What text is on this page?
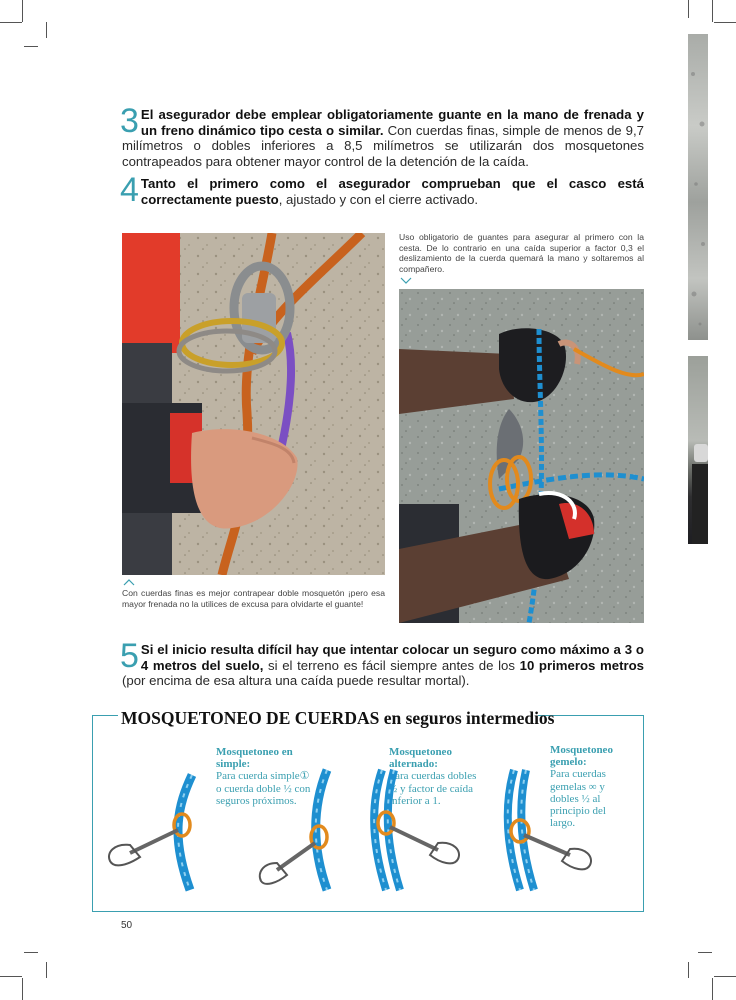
3 El asegurador debe emplear obligatoriamente guante en la mano de frenada y un freno dinámico tipo cesta o similar. Con cuerdas finas, simple de menos de 9,7 milímetros o dobles inferiores a 8,5 milímetros se utilizarán dos mosquetones contrapeados para obtener mayor control de la detención de la caída.
4 Tanto el primero como el asegurador comprueban que el casco está correctamente puesto, ajustado y con el cierre activado.
Con cuerdas finas es mejor contrapear doble mosquetón ¡pero esa mayor frenada no la utilices de excusa para olvidarte el guante!
Uso obligatorio de guantes para asegurar al primero con la cesta. De lo contrario en una caída superior a factor 0,3 el deslizamiento de la cuerda quemará la mano y soltaremos al compañero.
5 Si el inicio resulta difícil hay que intentar colocar un seguro como máximo a 3 o 4 metros del suelo, si el terreno es fácil siempre antes de los 10 primeros metros (por encima de esa altura una caída puede resultar mortal).
MOSQUETONEO DE CUERDAS en seguros intermedios
Mosquetoneo en simple:
Para cuerda simple① o cuerda doble ½ con seguros próximos.
Mosquetoneo alternado:
Para cuerdas dobles ½ y factor de caída inferior a 1.
Mosquetoneo gemelo:
Para cuerdas gemelas ∞ y dobles ½ al principio del largo.
50
